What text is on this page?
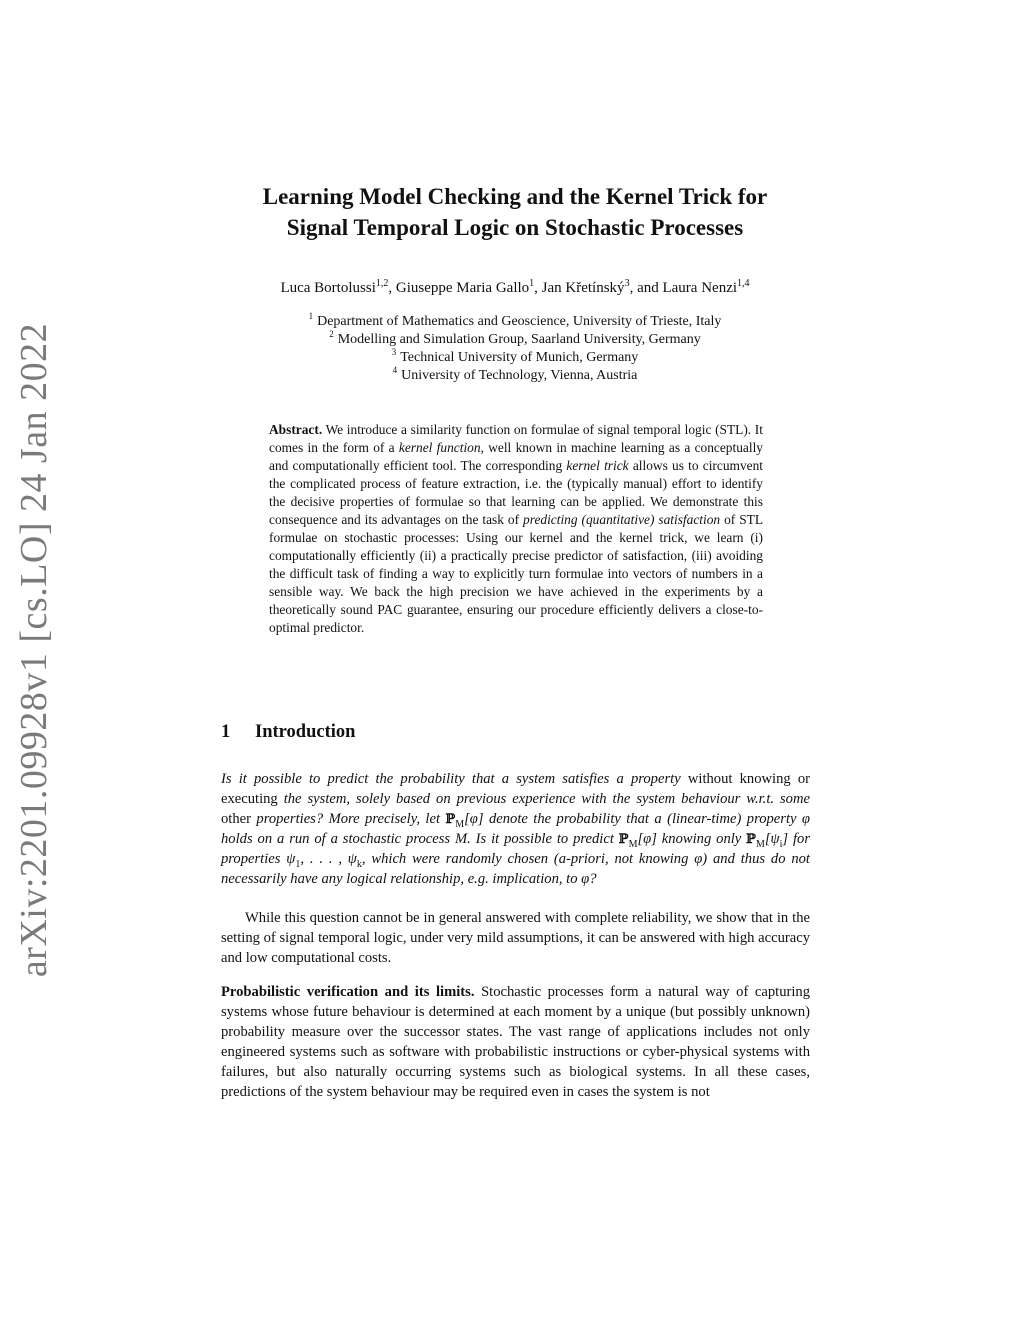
arXiv:2201.09928v1 [cs.LO] 24 Jan 2022
Learning Model Checking and the Kernel Trick for
Signal Temporal Logic on Stochastic Processes
Luca Bortolussi$^{1,2}$, Giuseppe Maria Gallo$^1$, Jan Křetínský$^3$, and Laura Nenzi$^{1,4}$
$^1$ Department of Mathematics and Geoscience, University of Trieste, Italy
$^2$ Modelling and Simulation Group, Saarland University, Germany
$^3$ Technical University of Munich, Germany
$^4$ University of Technology, Vienna, Austria

Abstract. We introduce a similarity function on formulae of signal temporal logic (STL). It comes in the form of a kernel function, well known in machine learning as a conceptually and computationally efficient tool. The corresponding kernel trick allows us to circumvent the complicated process of feature extraction, i.e. the (typically manual) effort to identify the decisive properties of formulae so that learning can be applied. We demonstrate this consequence and its advantages on the task of predicting (quantitative) satisfaction of STL formulae on stochastic processes: Using our kernel and the kernel trick, we learn (i) computationally efficiently (ii) a practically precise predictor of satisfaction, (iii) avoiding the difficult task of finding a way to explicitly turn formulae into vectors of numbers in a sensible way. We back the high precision we have achieved in the experiments by a theoretically sound PAC guarantee, ensuring our procedure efficiently delivers a close-to-optimal predictor.

1 Introduction

Is it possible to predict the probability that a system satisfies a property without knowing or executing the system, solely based on previous experience with the system behaviour w.r.t. some other properties? More precisely, let ℙ$_M$[φ] denote the probability that a (linear-time) property φ holds on a run of a stochastic process M. Is it possible to predict ℙ$_M$[φ] knowing only $ℙ_M[\psi_i]$ for properties $\psi_1$, . . . , $\psi_k$, which were randomly chosen (a-priori, not knowing φ) and thus do not necessarily have any logical relationship, e.g. implication, to φ?

While this question cannot be in general answered with complete reliability, we show that in the setting of signal temporal logic, under very mild assumptions, it can be answered with high accuracy and low computational costs.

Probabilistic verification and its limits. Stochastic processes form a natural way of capturing systems whose future behaviour is determined at each moment by a unique (but possibly unknown) probability measure over the successor states. The vast range of applications includes not only engineered systems such as software with probabilistic instructions or cyber-physical systems with failures, but also naturally occurring systems such as biological systems. In all these cases, predictions of the system behaviour may be required even in cases the system is not
